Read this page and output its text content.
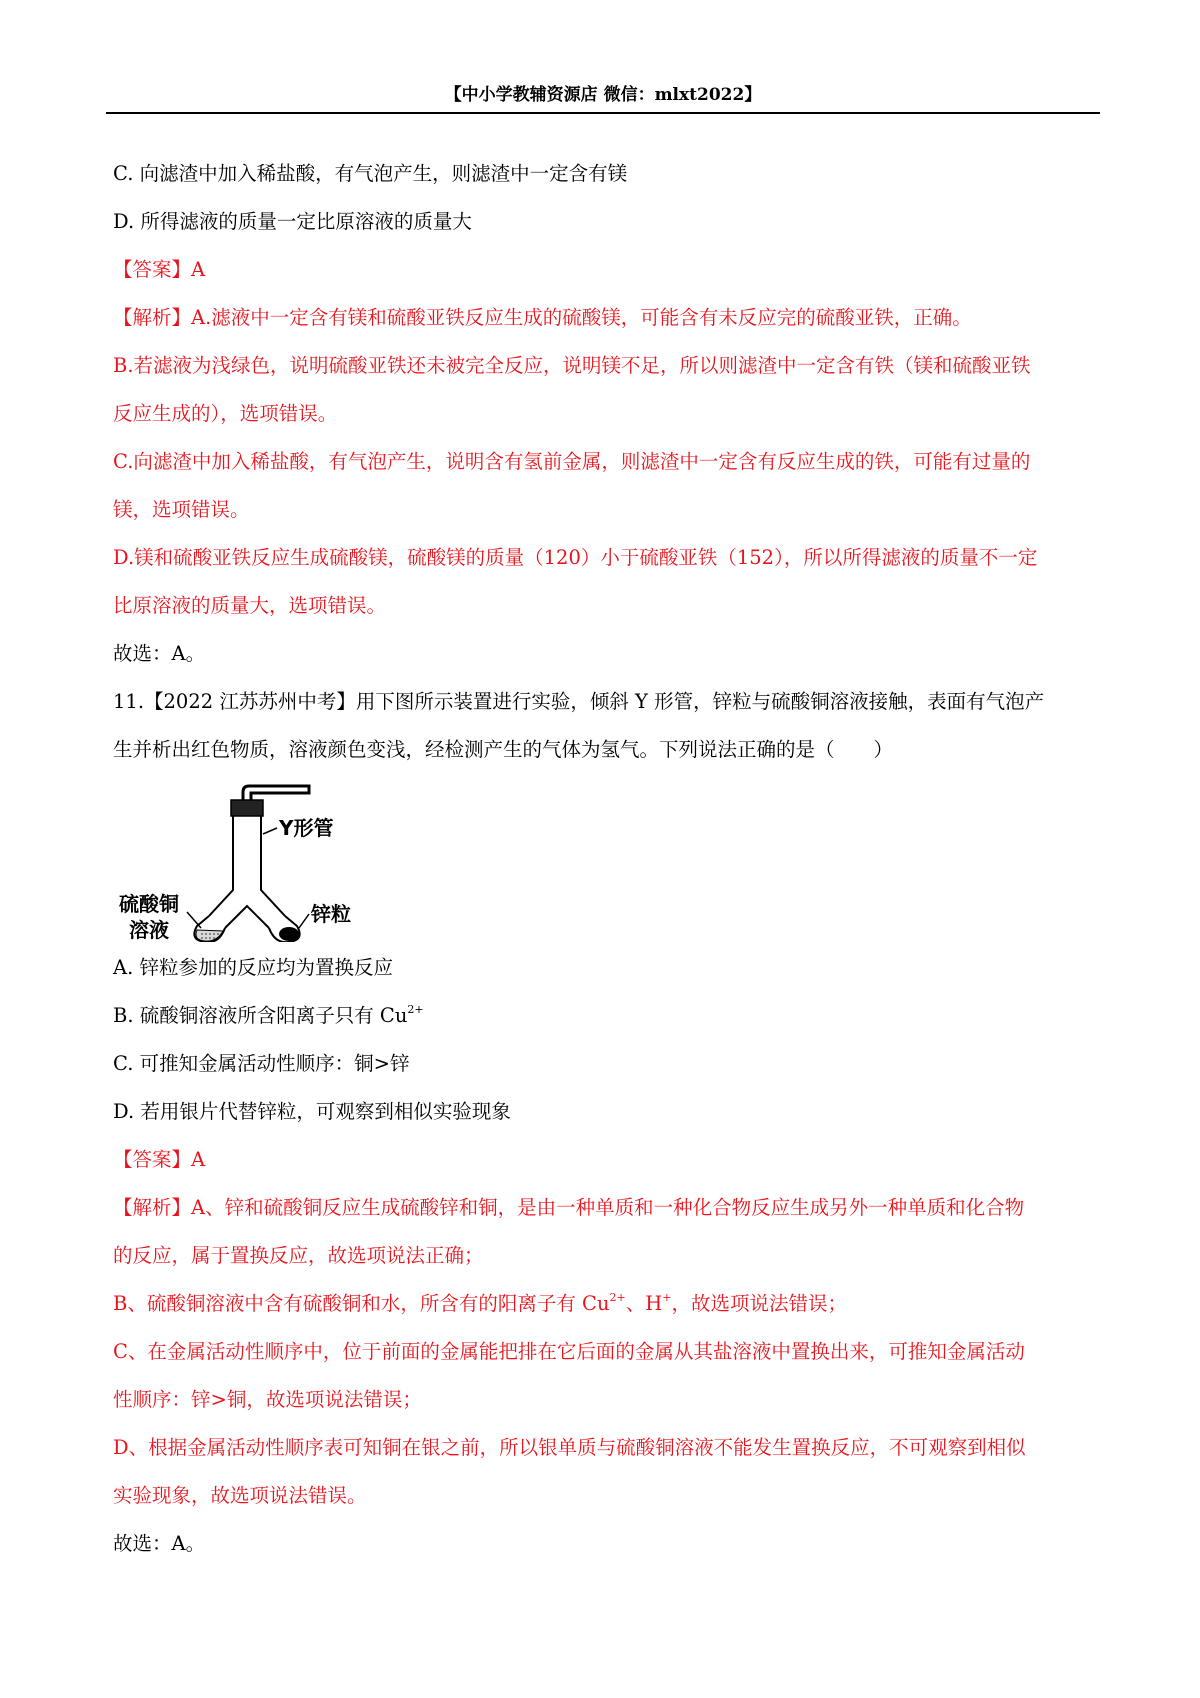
【中小学教辅资源店 微信：mlxt2022】
C. 向滤渣中加入稀盐酸，有气泡产生，则滤渣中一定含有镁
D. 所得滤液的质量一定比原溶液的质量大
【答案】A
【解析】A.滤液中一定含有镁和硫酸亚铁反应生成的硫酸镁，可能含有未反应完的硫酸亚铁，正确。
B.若滤液为浅绿色，说明硫酸亚铁还未被完全反应，说明镁不足，所以则滤渣中一定含有铁（镁和硫酸亚铁
反应生成的），选项错误。
C.向滤渣中加入稀盐酸，有气泡产生，说明含有氢前金属，则滤渣中一定含有反应生成的铁，可能有过量的
镁，选项错误。
D.镁和硫酸亚铁反应生成硫酸镁，硫酸镁的质量（120）小于硫酸亚铁（152），所以所得滤液的质量不一定
比原溶液的质量大，选项错误。
故选：A。
11.【2022 江苏苏州中考】用下图所示装置进行实验，倾斜 Y 形管，锌粒与硫酸铜溶液接触，表面有气泡产
生并析出红色物质，溶液颜色变浅，经检测产生的气体为氢气。下列说法正确的是（　　）
Y形管
锌粒
硫酸铜
溶液
A. 锌粒参加的反应均为置换反应
B. 硫酸铜溶液所含阳离子只有 $Cu^{2+}$
C. 可推知金属活动性顺序：铜>锌
D. 若用银片代替锌粒，可观察到相似实验现象
【答案】A
【解析】A、锌和硫酸铜反应生成硫酸锌和铜，是由一种单质和一种化合物反应生成另外一种单质和化合物
的反应，属于置换反应，故选项说法正确；
B、硫酸铜溶液中含有硫酸铜和水，所含有的阳离子有 $Cu^{2+}$、H+，故选项说法错误；
C、在金属活动性顺序中，位于前面的金属能把排在它后面的金属从其盐溶液中置换出来，可推知金属活动
性顺序：锌>铜，故选项说法错误；
D、根据金属活动性顺序表可知铜在银之前，所以银单质与硫酸铜溶液不能发生置换反应，不可观察到相似
实验现象，故选项说法错误。
故选：A。
